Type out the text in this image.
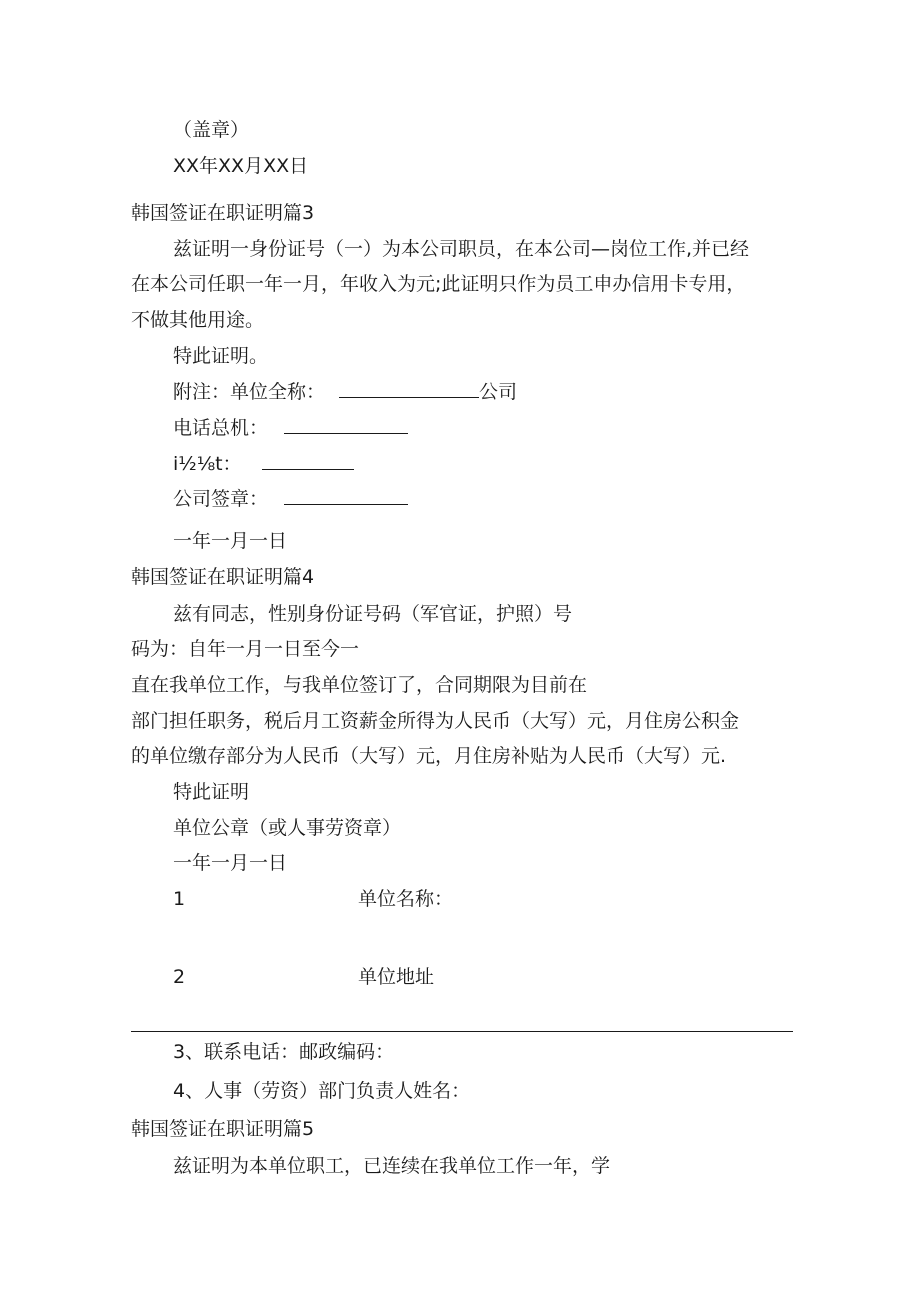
（盖章）
XX年XX月XX日
韩国签证在职证明篇3
兹证明一身份证号（一）为本公司职员，在本公司—岗位工作,并已经
在本公司任职一年一月，年收入为元;此证明只作为员工申办信用卡专用，
不做其他用途。
特此证明。
附注：单位全称：	公司
电话总机：
i½⅛t：
公司签章：
一年一月一日
韩国签证在职证明篇4
兹有同志，性别身份证号码（军官证，护照）号
码为：自年一月一日至今一
直在我单位工作，与我单位签订了，合同期限为目前在
部门担任职务，税后月工资薪金所得为人民币（大写）元，月住房公积金
的单位缴存部分为人民币（大写）元，月住房补贴为人民币（大写）元.
特此证明
单位公章（或人事劳资章）
一年一月一日
1	单位名称：
2	单位地址
3、联系电话：邮政编码：
4、人事（劳资）部门负责人姓名：
韩国签证在职证明篇5
兹证明为本单位职工，已连续在我单位工作一年，学
